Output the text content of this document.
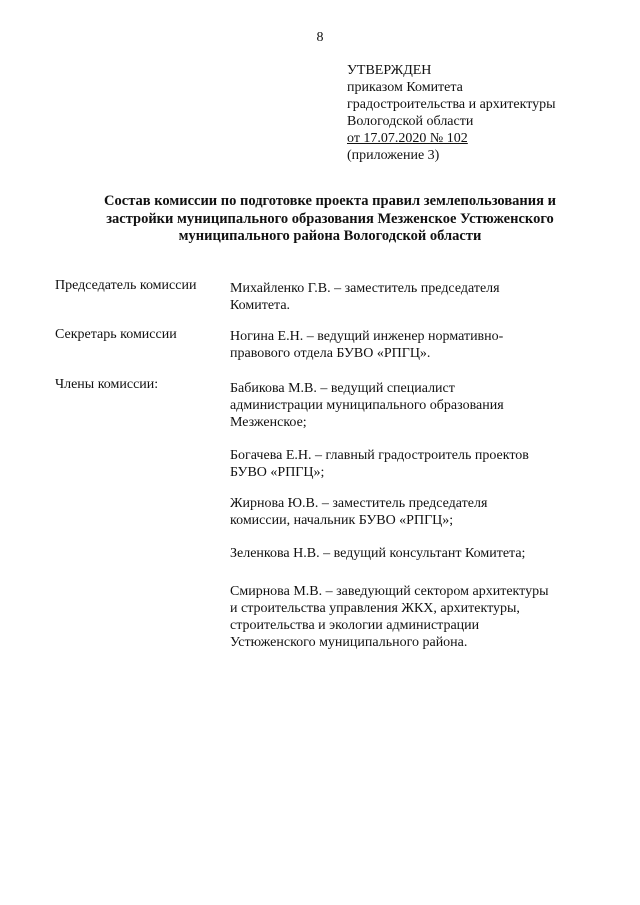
8
УТВЕРЖДЕН
приказом Комитета
градостроительства и архитектуры
Вологодской области
от 17.07.2020 № 102
(приложение 3)
Состав комиссии по подготовке проекта правил землепользования и
застройки муниципального образования Мезженское Устюженского
муниципального района Вологодской области
Председатель комиссии	Михайленко Г.В. – заместитель председателя
Комитета.
Секретарь комиссии	Ногина Е.Н. – ведущий инженер нормативно-
правового отдела БУВО «РПГЦ».
Члены комиссии:	Бабикова М.В. – ведущий специалист
администрации муниципального образования
Мезженское;
Богачева Е.Н. – главный градостроитель проектов
БУВО «РПГЦ»;
Жирнова Ю.В. – заместитель председателя
комиссии, начальник БУВО «РПГЦ»;
Зеленкова Н.В. – ведущий консультант Комитета;
Смирнова М.В. – заведующий сектором архитектуры
и строительства управления ЖКХ, архитектуры,
строительства и экологии администрации
Устюженского муниципального района.
